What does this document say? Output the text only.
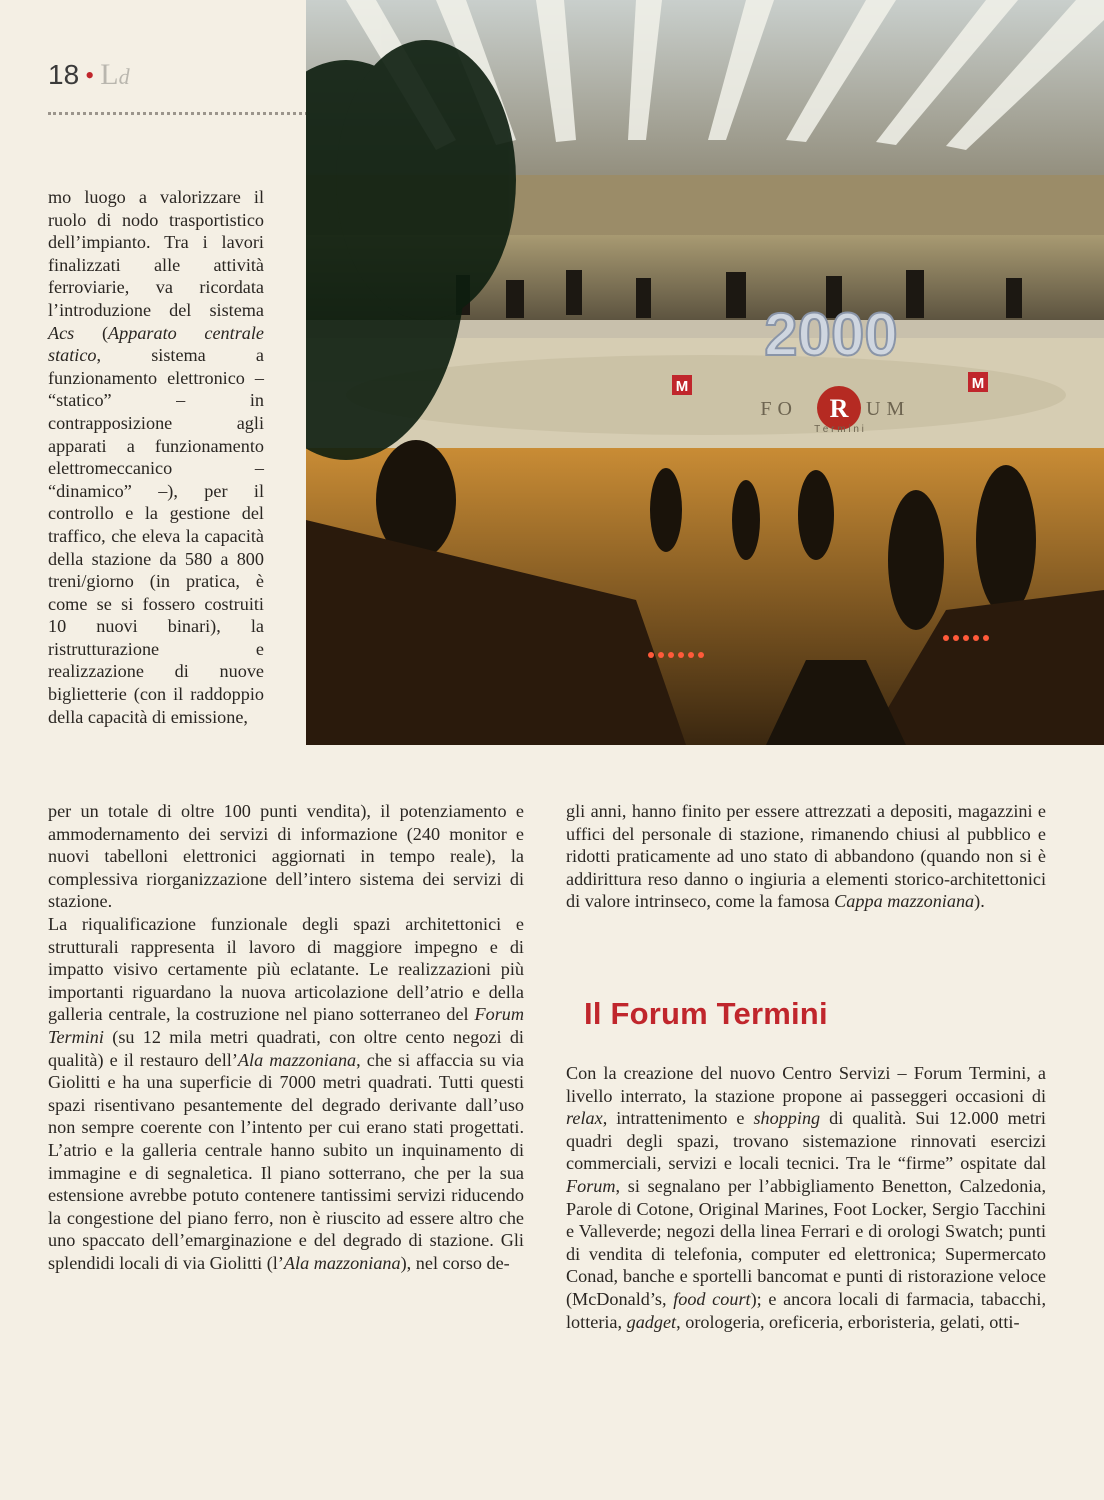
18 • Ld
R
FO	UM
T e r m i n i
2000
M	M

mo luogo a valorizzare il ruolo di nodo trasportistico dell’impianto. Tra i lavori finalizzati alle attività ferroviarie, va ricordata l’introduzione del sistema Acs (Apparato centrale statico, sistema a funzionamento elettronico – “statico” – in contrapposizione agli apparati a funzionamento elettromeccanico – “dinamico” –), per il controllo e la gestione del traffico, che eleva la capacità della stazione da 580 a 800 treni/giorno (in pratica, è come se si fossero costruiti 10 nuovi binari), la ristrutturazione e realizzazione di nuove biglietterie (con il raddoppio della capacità di emissione,

per un totale di oltre 100 punti vendita), il potenziamento e ammodernamento dei servizi di informazione (240 monitor e nuovi tabelloni elettronici aggiornati in tempo reale), la complessiva riorganizzazione dell’intero sistema dei servizi di stazione.

La riqualificazione funzionale degli spazi architettonici e strutturali rappresenta il lavoro di maggiore impegno e di impatto visivo certamente più eclatante. Le realizzazioni più importanti riguardano la nuova articolazione dell’atrio e della galleria centrale, la costruzione nel piano sotterraneo del Forum Termini (su 12 mila metri quadrati, con oltre cento negozi di qualità) e il restauro dell’Ala mazzoniana, che si affaccia su via Giolitti e ha una superficie di 7000 metri quadrati. Tutti questi spazi risentivano pesantemente del degrado derivante dall’uso non sempre coerente con l’intento per cui erano stati progettati. L’atrio e la galleria centrale hanno subito un inquinamento di immagine e di segnaletica. Il piano sotterrano, che per la sua estensione avrebbe potuto contenere tantissimi servizi riducendo la congestione del piano ferro, non è riuscito ad essere altro che uno spaccato dell’emarginazione e del degrado di stazione. Gli splendidi locali di via Giolitti (l’Ala mazzoniana), nel corso de-

gli anni, hanno finito per essere attrezzati a depositi, magazzini e uffici del personale di stazione, rimanendo chiusi al pubblico e ridotti praticamente ad uno stato di abbandono (quando non si è addirittura reso danno o ingiuria a elementi storico-architettonici di valore intrinseco, come la famosa Cappa mazzoniana).

Il Forum Termini

Con la creazione del nuovo Centro Servizi – Forum Termini, a livello interrato, la stazione propone ai passeggeri occasioni di relax, intrattenimento e shopping di qualità. Sui 12.000 metri quadri degli spazi, trovano sistemazione rinnovati esercizi commerciali, servizi e locali tecnici. Tra le “firme” ospitate dal Forum, si segnalano per l’abbigliamento Benetton, Calzedonia, Parole di Cotone, Original Marines, Foot Locker, Sergio Tacchini e Valleverde; negozi della linea Ferrari e di orologi Swatch; punti di vendita di telefonia, computer ed elettronica; Supermercato Conad, banche e sportelli bancomat e punti di ristorazione veloce (McDonald’s, food court); e ancora locali di farmacia, tabacchi, lotteria, gadget, orologeria, oreficeria, erboristeria, gelati, otti-
